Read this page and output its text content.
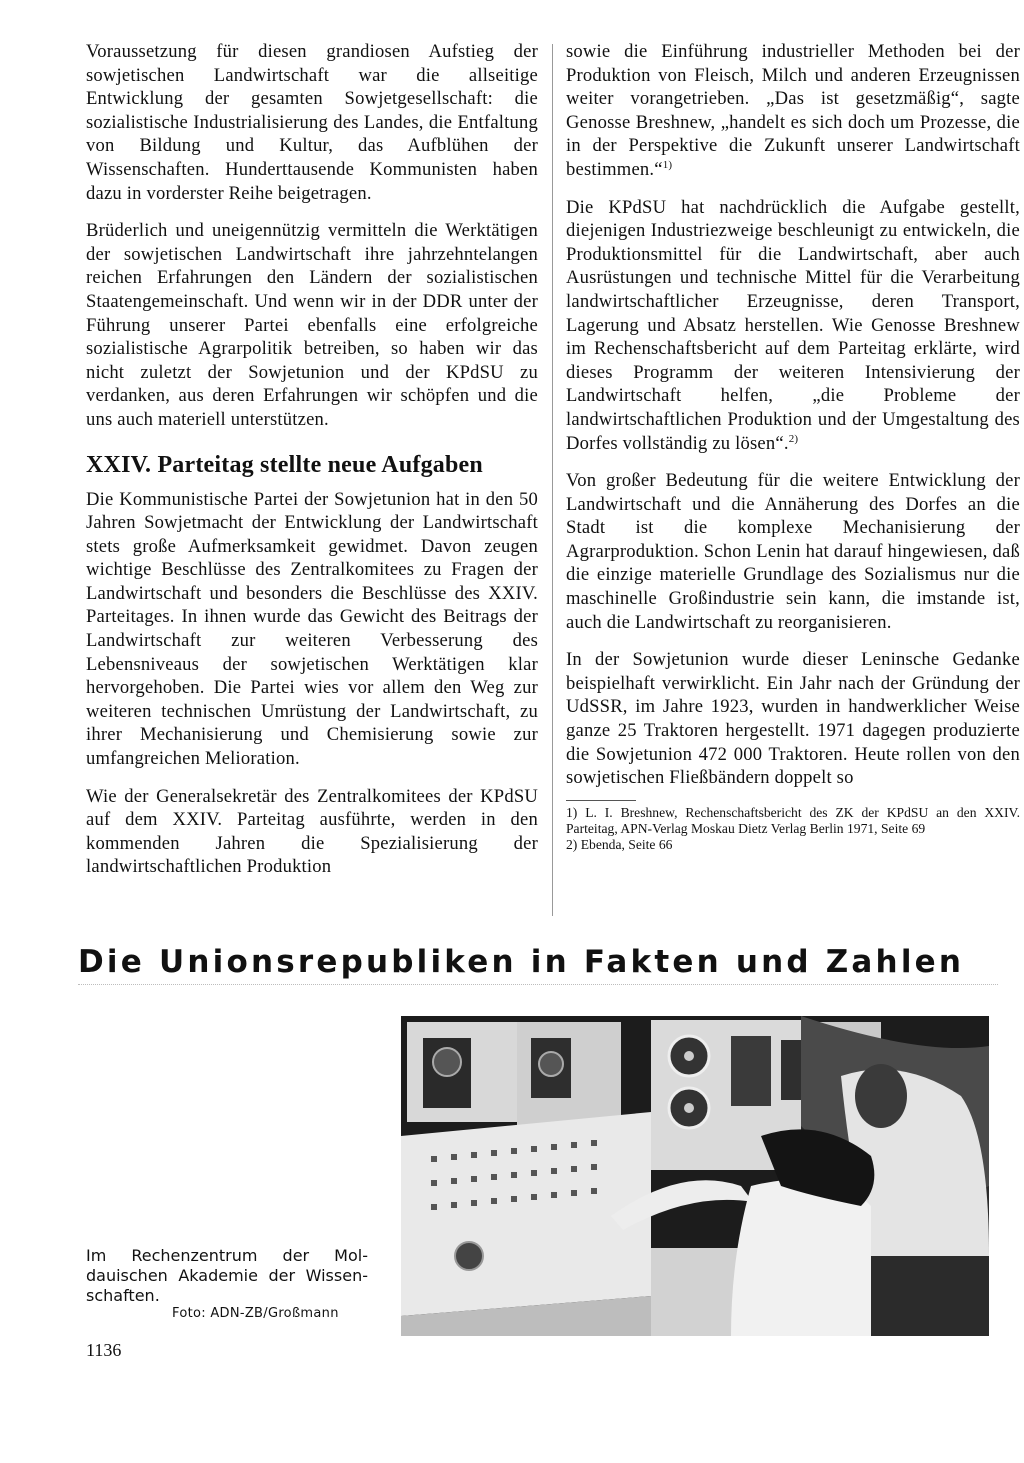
Voraussetzung für diesen grandiosen Aufstieg der sowjetischen Landwirtschaft war die allseitige Entwicklung der gesamten Sowjetgesellschaft: die sozialistische Industrialisierung des Landes, die Entfaltung von Bildung und Kultur, das Aufblühen der Wissenschaften. Hunderttausende Kommunisten haben dazu in vorderster Reihe beigetragen.

Brüderlich und uneigennützig vermitteln die Werktätigen der sowjetischen Landwirtschaft ihre jahrzehntelangen reichen Erfahrungen den Ländern der sozialistischen Staatengemeinschaft. Und wenn wir in der DDR unter der Führung unserer Partei ebenfalls eine erfolgreiche sozialistische Agrarpolitik betreiben, so haben wir das nicht zuletzt der Sowjetunion und der KPdSU zu verdanken, aus deren Erfahrungen wir schöpfen und die uns auch materiell unterstützen.

XXIV. Parteitag stellte neue Aufgaben

Die Kommunistische Partei der Sowjetunion hat in den 50 Jahren Sowjetmacht der Entwicklung der Landwirtschaft stets große Aufmerksamkeit gewidmet. Davon zeugen wichtige Beschlüsse des Zentralkomitees zu Fragen der Landwirtschaft und besonders die Beschlüsse des XXIV. Parteitages. In ihnen wurde das Gewicht des Beitrags der Landwirtschaft zur weiteren Verbesserung des Lebensniveaus der sowjetischen Werktätigen klar hervorgehoben. Die Partei wies vor allem den Weg zur weiteren technischen Umrüstung der Landwirtschaft, zu ihrer Mechanisierung und Chemisierung sowie zur umfangreichen Melioration.

Wie der Generalsekretär des Zentralkomitees der KPdSU auf dem XXIV. Parteitag ausführte, werden in den kommenden Jahren die Spezialisierung der landwirtschaftlichen Produktion

sowie die Einführung industrieller Methoden bei der Produktion von Fleisch, Milch und anderen Erzeugnissen weiter vorangetrieben. „Das ist gesetzmäßig“, sagte Genosse Breshnew, „handelt es sich doch um Prozesse, die in der Perspektive die Zukunft unserer Landwirtschaft bestimmen.“$^{1)}$

Die KPdSU hat nachdrücklich die Aufgabe gestellt, diejenigen Industriezweige beschleunigt zu entwickeln, die Produktionsmittel für die Landwirtschaft, aber auch Ausrüstungen und technische Mittel für die Verarbeitung landwirtschaftlicher Erzeugnisse, deren Transport, Lagerung und Absatz herstellen. Wie Genosse Breshnew im Rechenschaftsbericht auf dem Parteitag erklärte, wird dieses Programm der weiteren Intensivierung der Landwirtschaft helfen, „die Probleme der landwirtschaftlichen Produktion und der Umgestaltung des Dorfes vollständig zu lösen“.$^{2)}$

Von großer Bedeutung für die weitere Entwicklung der Landwirtschaft und die Annäherung des Dorfes an die Stadt ist die komplexe Mechanisierung der Agrarproduktion. Schon Lenin hat darauf hingewiesen, daß die einzige materielle Grundlage des Sozialismus nur die maschinelle Großindustrie sein kann, die imstande ist, auch die Landwirtschaft zu reorganisieren.

In der Sowjetunion wurde dieser Leninsche Gedanke beispielhaft verwirklicht. Ein Jahr nach der Gründung der UdSSR, im Jahre 1923, wurden in handwerklicher Weise ganze 25 Traktoren hergestellt. 1971 dagegen produzierte die Sowjetunion 472 000 Traktoren. Heute rollen von den sowjetischen Fließbändern doppelt so

1) L. I. Breshnew, Rechenschaftsbericht des ZK der KPdSU an den XXIV. Parteitag, APN-Verlag Moskau Dietz Verlag Berlin 1971, Seite 69
2) Ebenda, Seite 66
Die Unionsrepubliken in Fakten und Zahlen
Im Rechenzentrum der Moldauischen Akademie der Wissenschaften.
Foto: ADN-ZB/Großmann
1136
